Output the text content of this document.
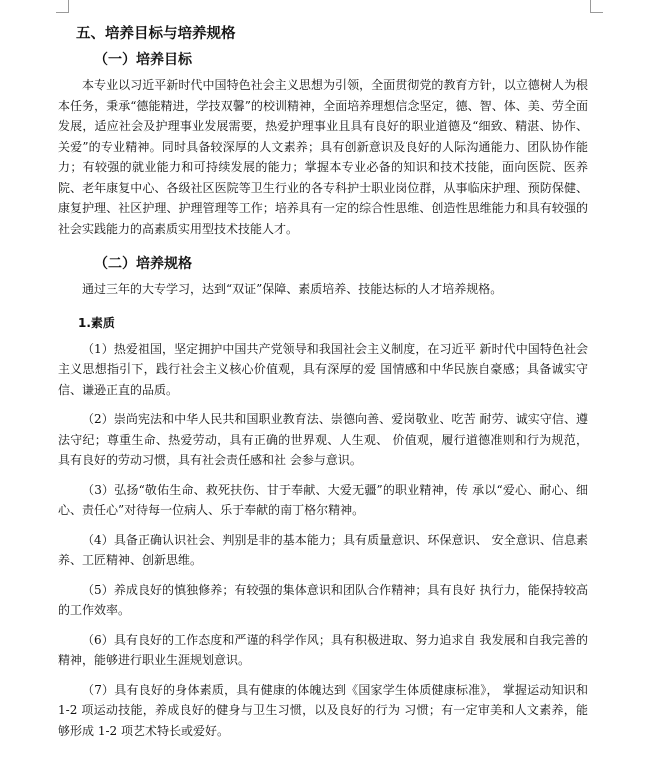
五、培养目标与培养规格
（一）培养目标

本专业以习近平新时代中国特色社会主义思想为引领，全面贯彻党的教育方针，以立德树人为根本任务，秉承“德能精进，学技双馨”的校训精神，全面培养理想信念坚定，德、智、体、美、劳全面发展，适应社会及护理事业发展需要，热爱护理事业且具有良好的职业道德及“细致、精湛、协作、关爱”的专业精神。同时具备较深厚的人文素养；具有创新意识及良好的人际沟通能力、团队协作能力；有较强的就业能力和可持续发展的能力；掌握本专业必备的知识和技术技能，面向医院、医养院、老年康复中心、各级社区医院等卫生行业的各专科护士职业岗位群，从事临床护理、预防保健、康复护理、社区护理、护理管理等工作；培养具有一定的综合性思维、创造性思维能力和具有较强的社会实践能力的高素质实用型技术技能人才。

（二）培养规格

通过三年的大专学习，达到“双证”保障、素质培养、技能达标的人才培养规格。

1.素质

（1）热爱祖国，坚定拥护中国共产党领导和我国社会主义制度，在习近平 新时代中国特色社会主义思想指引下，践行社会主义核心价值观，具有深厚的爱 国情感和中华民族自豪感；具备诚实守信、谦逊正直的品质。

（2）崇尚宪法和中华人民共和国职业教育法、崇德向善、爱岗敬业、吃苦 耐劳、诚实守信、遵法守纪；尊重生命、热爱劳动，具有正确的世界观、人生观、 价值观，履行道德准则和行为规范，具有良好的劳动习惯，具有社会责任感和社 会参与意识。

（3）弘扬“敬佑生命、救死扶伤、甘于奉献、大爱无疆”的职业精神，传 承以“爱心、耐心、细心、责任心”对待每一位病人、乐于奉献的南丁格尔精神。

（4）具备正确认识社会、判别是非的基本能力；具有质量意识、环保意识、 安全意识、信息素养、工匠精神、创新思维。

（5）养成良好的慎独修养；有较强的集体意识和团队合作精神；具有良好 执行力，能保持较高的工作效率。

（6）具有良好的工作态度和严谨的科学作风；具有积极进取、努力追求自 我发展和自我完善的精神，能够进行职业生涯规划意识。

（7）具有良好的身体素质，具有健康的体魄达到《国家学生体质健康标准》， 掌握运动知识和 1-2 项运动技能，养成良好的健身与卫生习惯，以及良好的行为 习惯；有一定审美和人文素养，能够形成 1-2 项艺术特长或爱好。
